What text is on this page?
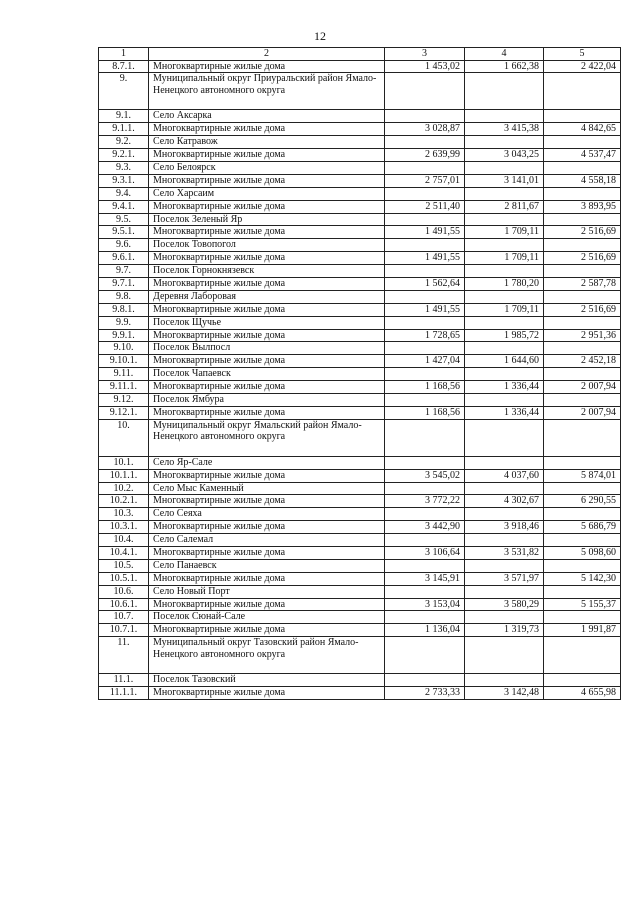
12
1	2	3	4	5
8.7.1.	Многоквартирные жилые дома	1 453,02	1 662,38	2 422,04
9.	Муниципальный округ Приуральский район Ямало-Ненецкого автономного округа			
9.1.	Село Аксарка			
9.1.1.	Многоквартирные жилые дома	3 028,87	3 415,38	4 842,65
9.2.	Село Катравож			
9.2.1.	Многоквартирные жилые дома	2 639,99	3 043,25	4 537,47
9.3.	Село Белоярск			
9.3.1.	Многоквартирные жилые дома	2 757,01	3 141,01	4 558,18
9.4.	Село Харсаим			
9.4.1.	Многоквартирные жилые дома	2 511,40	2 811,67	3 893,95
9.5.	Поселок Зеленый Яр			
9.5.1.	Многоквартирные жилые дома	1 491,55	1 709,11	2 516,69
9.6.	Поселок Товопогол			
9.6.1.	Многоквартирные жилые дома	1 491,55	1 709,11	2 516,69
9.7.	Поселок Горнокнязевск			
9.7.1.	Многоквартирные жилые дома	1 562,64	1 780,20	2 587,78
9.8.	Деревня Лаборовая			
9.8.1.	Многоквартирные жилые дома	1 491,55	1 709,11	2 516,69
9.9.	Поселок Щучье			
9.9.1.	Многоквартирные жилые дома	1 728,65	1 985,72	2 951,36
9.10.	Поселок Вылпосл			
9.10.1.	Многоквартирные жилые дома	1 427,04	1 644,60	2 452,18
9.11.	Поселок Чапаевск			
9.11.1.	Многоквартирные жилые дома	1 168,56	1 336,44	2 007,94
9.12.	Поселок Ямбура			
9.12.1.	Многоквартирные жилые дома	1 168,56	1 336,44	2 007,94
10.	Муниципальный округ Ямальский район Ямало-Ненецкого автономного округа			
10.1.	Село Яр-Сале			
10.1.1.	Многоквартирные жилые дома	3 545,02	4 037,60	5 874,01
10.2.	Село Мыс Каменный			
10.2.1.	Многоквартирные жилые дома	3 772,22	4 302,67	6 290,55
10.3.	Село Сеяха			
10.3.1.	Многоквартирные жилые дома	3 442,90	3 918,46	5 686,79
10.4.	Село Салемал			
10.4.1.	Многоквартирные жилые дома	3 106,64	3 531,82	5 098,60
10.5.	Село Панаевск			
10.5.1.	Многоквартирные жилые дома	3 145,91	3 571,97	5 142,30
10.6.	Село Новый Порт			
10.6.1.	Многоквартирные жилые дома	3 153,04	3 580,29	5 155,37
10.7.	Поселок Сюнай-Сале			
10.7.1.	Многоквартирные жилые дома	1 136,04	1 319,73	1 991,87
11.	Муниципальный округ Тазовский район Ямало-Ненецкого автономного округа			
11.1.	Поселок Тазовский			
11.1.1.	Многоквартирные жилые дома	2 733,33	3 142,48	4 655,98
